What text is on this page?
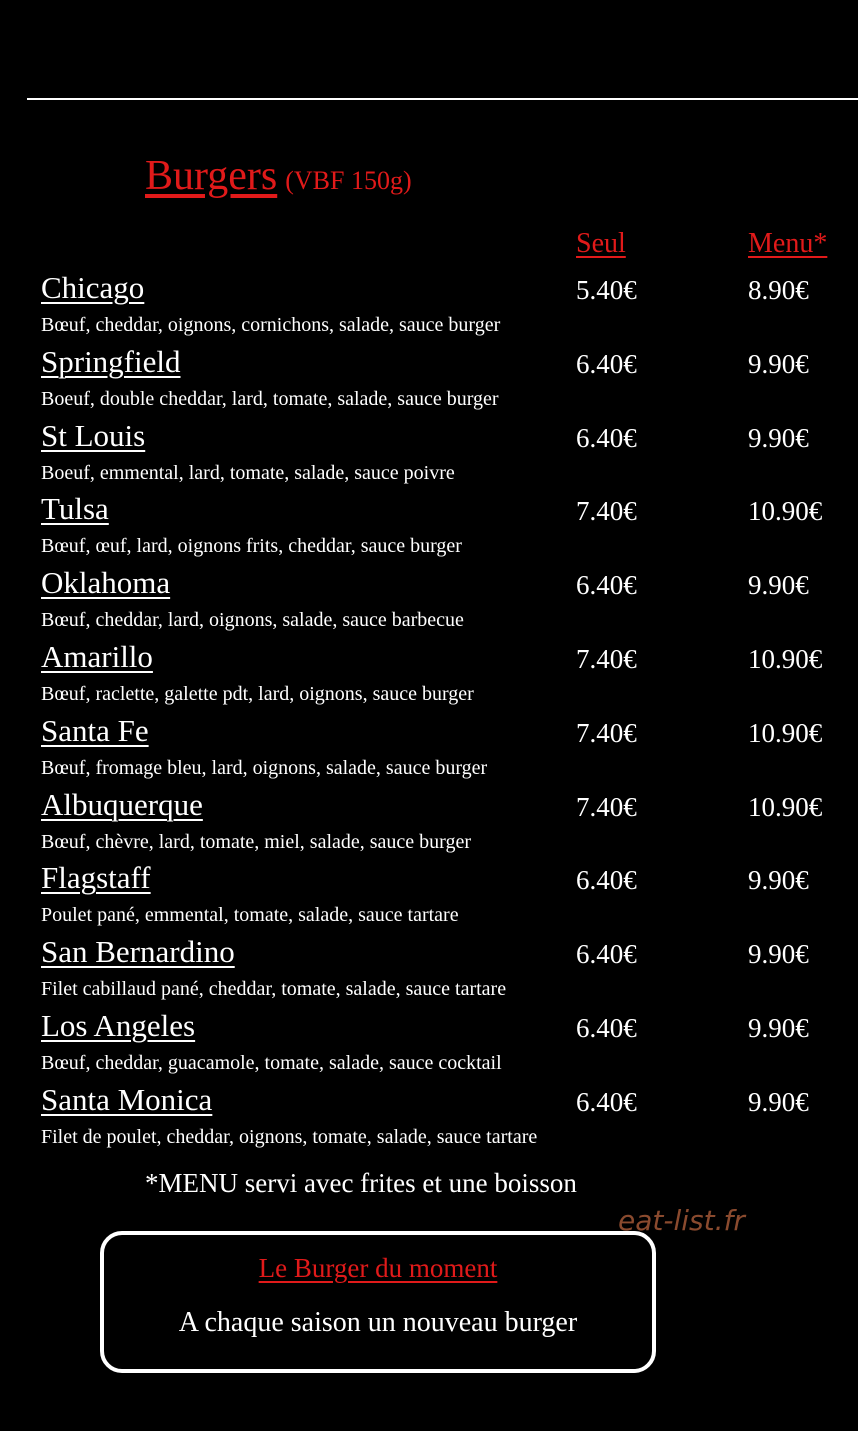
Burgers (VBF 150g)
Seul	Menu*
Chicago	5.40€	8.90€
Bœuf, cheddar, oignons, cornichons, salade, sauce burger
Springfield	6.40€	9.90€
Boeuf, double cheddar, lard, tomate, salade, sauce burger
St Louis	6.40€	9.90€
Boeuf, emmental, lard, tomate, salade, sauce poivre
Tulsa	7.40€	10.90€
Bœuf, œuf, lard, oignons frits, cheddar, sauce burger
Oklahoma	6.40€	9.90€
Bœuf, cheddar, lard, oignons, salade, sauce barbecue
Amarillo	7.40€	10.90€
Bœuf, raclette, galette pdt, lard, oignons, sauce burger
Santa Fe	7.40€	10.90€
Bœuf, fromage bleu, lard, oignons, salade, sauce burger
Albuquerque	7.40€	10.90€
Bœuf, chèvre, lard, tomate, miel, salade, sauce burger
Flagstaff	6.40€	9.90€
Poulet pané, emmental, tomate, salade, sauce tartare
San Bernardino	6.40€	9.90€
Filet cabillaud pané, cheddar, tomate, salade, sauce tartare
Los Angeles	6.40€	9.90€
Bœuf, cheddar, guacamole, tomate, salade, sauce cocktail
Santa Monica	6.40€	9.90€
Filet de poulet, cheddar, oignons, tomate, salade, sauce tartare
*MENU servi avec frites et une boisson
eat-list.fr
Le Burger du moment
A chaque saison un nouveau burger
